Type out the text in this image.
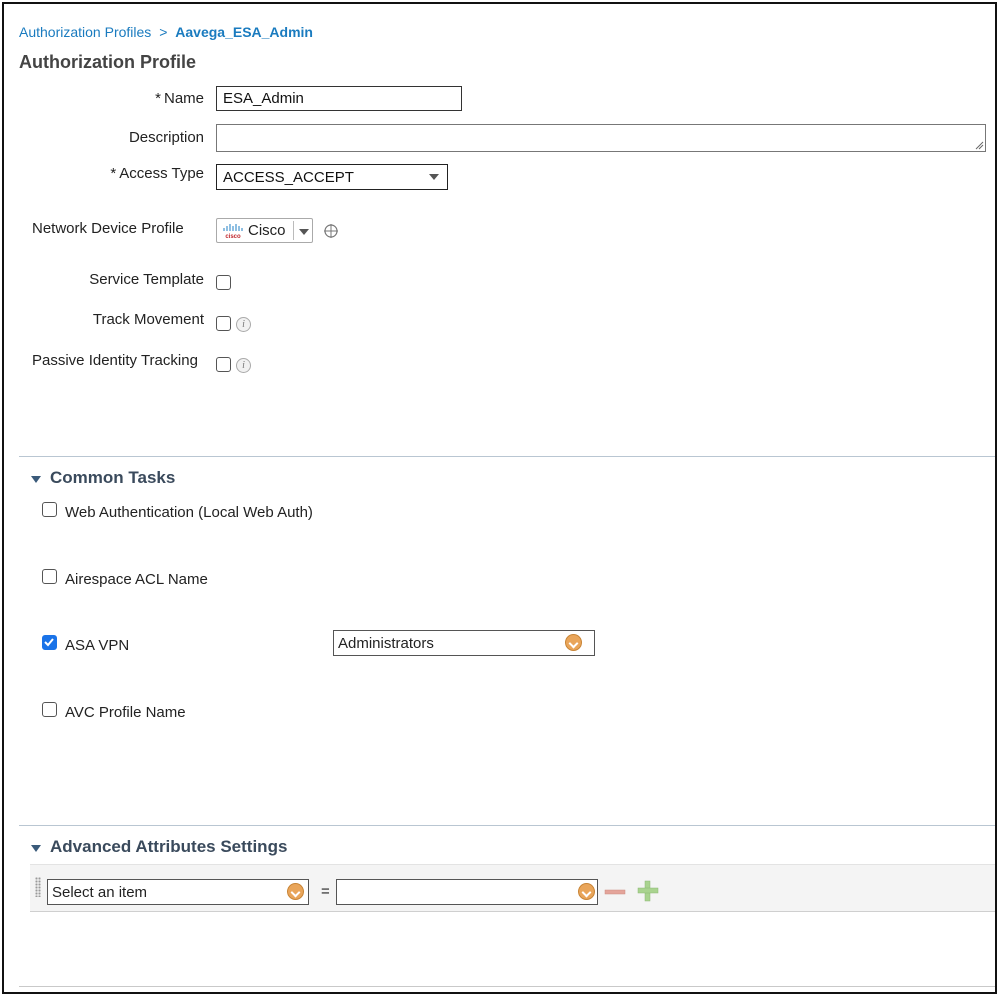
Authorization Profiles > Aavega_ESA_Admin
Authorization Profile
* Name	ESA_Admin
Description
* Access Type	ACCESS_ACCEPT
Network Device Profile	cisco Cisco
Service Template
Track Movement	i
Passive Identity Tracking	i
Common Tasks
Web Authentication (Local Web Auth)
Airespace ACL Name
ASA VPN	Administrators
AVC Profile Name
Advanced Attributes Settings
Select an item	=
